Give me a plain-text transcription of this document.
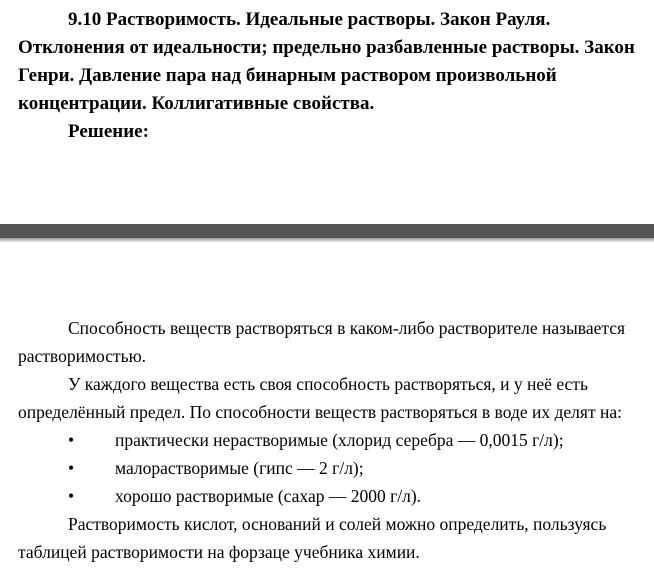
9.10 Растворимость. Идеальные растворы. Закон Рауля. Отклонения от идеальности; предельно разбавленные растворы. Закон Генри. Давление пара над бинарным раствором произвольной концентрации. Коллигативные свойства.

Решение:

Способность веществ растворяться в каком-либо растворителе называется растворимостью.

У каждого вещества есть своя способность растворяться, и у неё есть определённый предел. По способности веществ растворяться в воде их делят на:

• практически нерастворимые (хлорид серебра — 0,0015 г/л);
• малорастворимые (гипс — 2 г/л);
• хорошо растворимые (сахар — 2000 г/л).

Растворимость кислот, оснований и солей можно определить, пользуясь таблицей растворимости на форзаце учебника химии.
